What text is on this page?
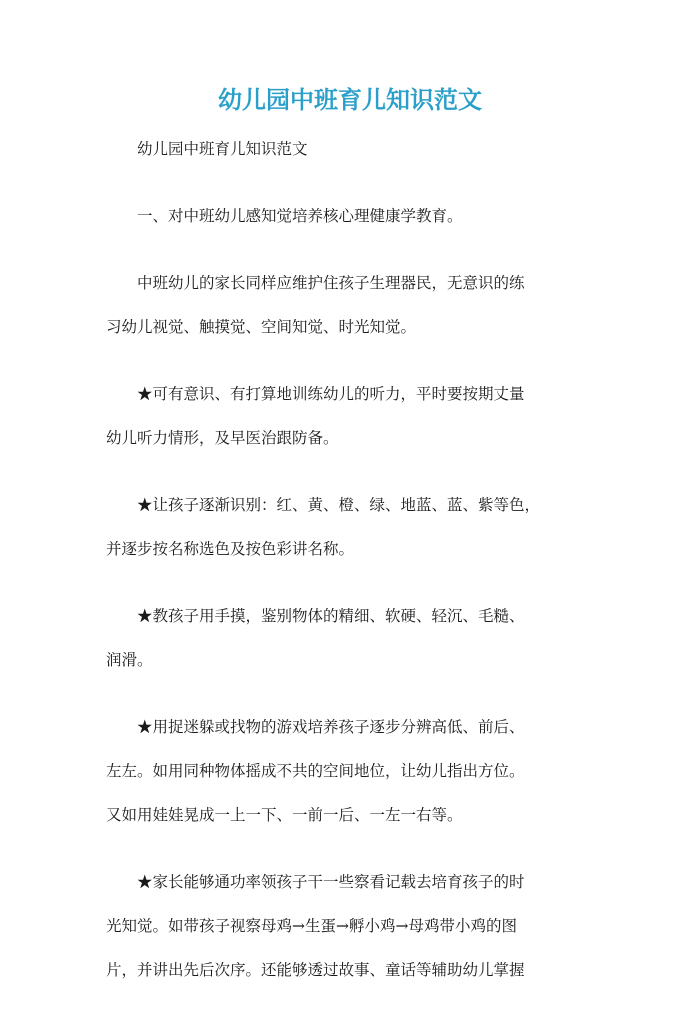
幼儿园中班育儿知识范文

幼儿园中班育儿知识范文

一、对中班幼儿感知觉培养核心理健康学教育。

中班幼儿的家长同样应维护住孩子生理器民，无意识的练
习幼儿视觉、触摸觉、空间知觉、时光知觉。

★可有意识、有打算地训练幼儿的听力，平时要按期丈量
幼儿听力情形，及早医治跟防备。

★让孩子逐渐识别：红、黄、橙、绿、地蓝、蓝、紫等色，
并逐步按名称选色及按色彩讲名称。

★教孩子用手摸，鉴别物体的精细、软硬、轻沉、毛糙、
润滑。

★用捉迷躲或找物的游戏培养孩子逐步分辨高低、前后、
左左。如用同种物体摇成不共的空间地位，让幼儿指出方位。
又如用娃娃晃成一上一下、一前一后、一左一右等。

★家长能够通功率领孩子干一些察看记载去培育孩子的时
光知觉。如带孩子视察母鸡→生蛋→孵小鸡→母鸡带小鸡的图
片，并讲出先后次序。还能够透过故事、童话等辅助幼儿掌握
